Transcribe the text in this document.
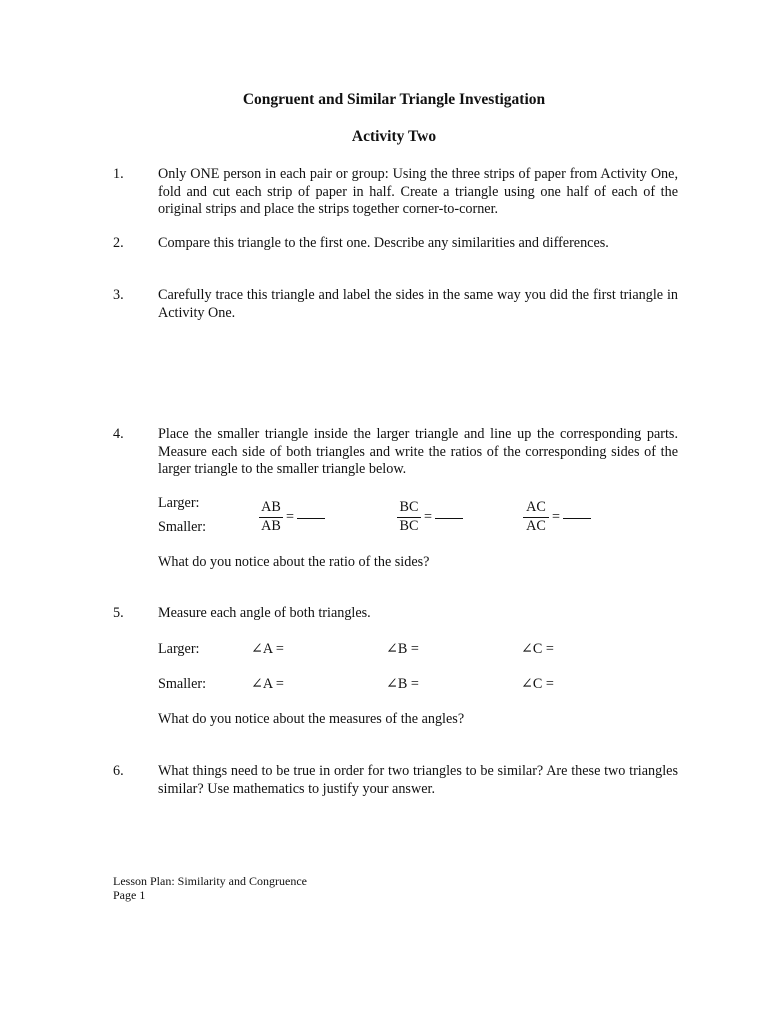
Congruent and Similar Triangle Investigation
Activity Two
1. Only ONE person in each pair or group: Using the three strips of paper from Activity One, fold and cut each strip of paper in half. Create a triangle using one half of each of the original strips and place the strips together corner-to-corner.

2. Compare this triangle to the first one. Describe any similarities and differences.

3. Carefully trace this triangle and label the sides in the same way you did the first triangle in Activity One.

4. Place the smaller triangle inside the larger triangle and line up the corresponding parts. Measure each side of both triangles and write the ratios of the corresponding sides of the larger triangle to the smaller triangle below.

Larger:
Smaller:	$\frac{AB}{AB}$ =	$\frac{BC}{BC}$ =	$\frac{AC}{AC}$ =
What do you notice about the ratio of the sides?
5. Measure each angle of both triangles.

Larger:	∠A =	∠B =	∠C =
Smaller:	∠A =	∠B =	∠C =
What do you notice about the measures of the angles?
6. What things need to be true in order for two triangles to be similar? Are these two triangles similar? Use mathematics to justify your answer.

Lesson Plan: Similarity and Congruence
Page 1
